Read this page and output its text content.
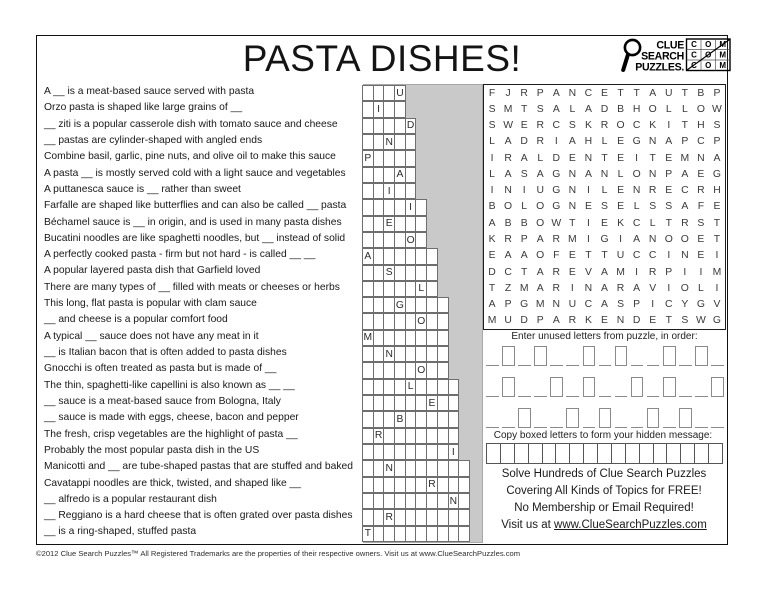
PASTA DISHES!	CLUE
SEARCH
PUZZLES.
C O M
C O M
C O M
A __ is a meat-based sauce served with pasta
Orzo pasta is shaped like large grains of __
__ ziti is a popular casserole dish with tomato sauce and cheese
__ pastas are cylinder-shaped with angled ends
Combine basil, garlic, pine nuts, and olive oil to make this sauce
A pasta __ is mostly served cold with a light sauce and vegetables
A puttanesca sauce is __ rather than sweet
Farfalle are shaped like butterflies and can also be called __ pasta
Béchamel sauce is __ in origin, and is used in many pasta dishes
Bucatini noodles are like spaghetti noodles, but __ instead of solid
A perfectly cooked pasta - firm but not hard - is called __ __
A popular layered pasta dish that Garfield loved
There are many types of __ filled with meats or cheeses or herbs
This long, flat pasta is popular with clam sauce
__ and cheese is a popular comfort food
A typical __ sauce does not have any meat in it
__ is Italian bacon that is often added to pasta dishes
Gnocchi is often treated as pasta but is made of __
The thin, spaghetti-like capellini is also known as __ __
__ sauce is a meat-based sauce from Bologna, Italy
__ sauce is made with eggs, cheese, bacon and pepper
The fresh, crisp vegetables are the highlight of pasta __
Probably the most popular pasta dish in the US
Manicotti and __ are tube-shaped pastas that are stuffed and baked
Cavatappi noodles are thick, twisted, and shaped like __
__ alfredo is a popular restaurant dish
__ Reggiano is a hard cheese that is often grated over pasta dishes
__ is a ring-shaped, stuffed pasta
U
I
D
N
P
A
I
I
E
O
A
S
L
G
O
M
N
O
L
E
B
R
I
N
R
N
R
T
F J R P A N C E T T A U T B P
S M T S A L A D B H O L L O W
S W E R C S K R O C K	I	T H S
L A D R	I	A H L E G N A P C P
I	R A L D E N T E	I	T E M N A
L A S A G N A N L O N P A E G
I	N	I	U G N	I	L E N R E C R H
B O L O G N E S E L S S A F E
A B B O W T	I	E K C L T R S T
K R P A R M I	G	I	A N O O E T
E A A O F E T T U C C	I	N E	I
D C T A R E V A M I	R P	I	I M
T Z M A R	I	N A R A V	I	O L	I
A P G M N U C A S P	I	C Y G V
M U D P A R K E N D E T S W G
Enter unused letters from puzzle, in order:
Copy boxed letters to form your hidden message:
Solve Hundreds of Clue Search Puzzles
Covering All Kinds of Topics for FREE!
No Membership or Email Required!
Visit us at www.ClueSearchPuzzles.com
©2012 Clue Search Puzzles™ All Registered Trademarks are the properties of their respective owners. Visit us at www.ClueSearchPuzzles.com
